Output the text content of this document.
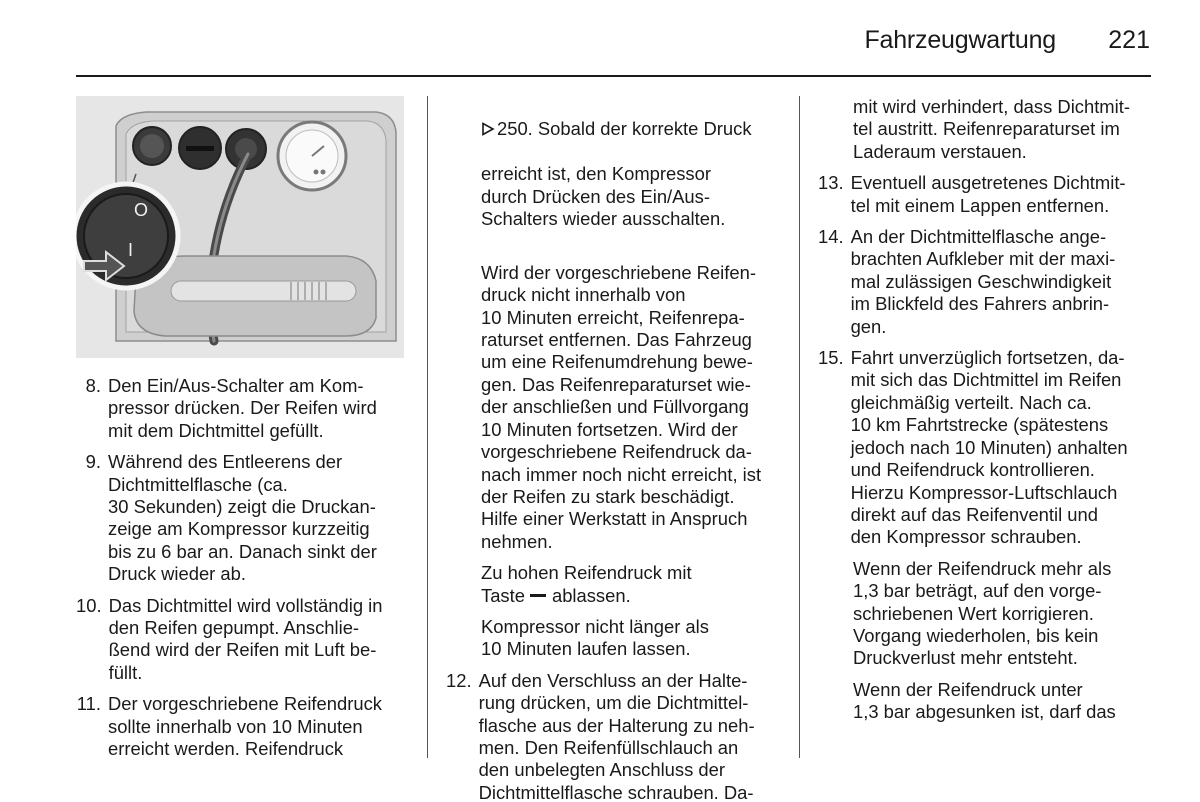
Fahrzeugwartung	221
O
I
8. Den Ein/Aus-Schalter am Kom-
pressor drücken. Der Reifen wird
mit dem Dichtmittel gefüllt.
9. Während des Entleerens der
Dichtmittelflasche (ca.
30 Sekunden) zeigt die Druckan-
zeige am Kompressor kurzzeitig
bis zu 6 bar an. Danach sinkt der
Druck wieder ab.
10. Das Dichtmittel wird vollständig in
den Reifen gepumpt. Anschlie-
ßend wird der Reifen mit Luft be-
füllt.
11. Der vorgeschriebene Reifendruck
sollte innerhalb von 10 Minuten
erreicht werden. Reifendruck

250. Sobald der korrekte Druck

erreicht ist, den Kompressor
durch Drücken des Ein/Aus-
Schalters wieder ausschalten.

Wird der vorgeschriebene Reifen-
druck nicht innerhalb von
10 Minuten erreicht, Reifenrepa-
raturset entfernen. Das Fahrzeug
um eine Reifenumdrehung bewe-
gen. Das Reifenreparaturset wie-
der anschließen und Füllvorgang
10 Minuten fortsetzen. Wird der
vorgeschriebene Reifendruck da-
nach immer noch nicht erreicht, ist
der Reifen zu stark beschädigt.
Hilfe einer Werkstatt in Anspruch
nehmen.
Zu hohen Reifendruck mit
Taste ablassen.
Kompressor nicht länger als
10 Minuten laufen lassen.
12. Auf den Verschluss an der Halte-
rung drücken, um die Dichtmittel-
flasche aus der Halterung zu neh-
men. Den Reifenfüllschlauch an
den unbelegten Anschluss der
Dichtmittelflasche schrauben. Da-
mit wird verhindert, dass Dichtmit-
tel austritt. Reifenreparaturset im
Laderaum verstauen.
13. Eventuell ausgetretenes Dichtmit-
tel mit einem Lappen entfernen.
14. An der Dichtmittelflasche ange-
brachten Aufkleber mit der maxi-
mal zulässigen Geschwindigkeit
im Blickfeld des Fahrers anbrin-
gen.
15. Fahrt unverzüglich fortsetzen, da-
mit sich das Dichtmittel im Reifen
gleichmäßig verteilt. Nach ca.
10 km Fahrtstrecke (spätestens
jedoch nach 10 Minuten) anhalten
und Reifendruck kontrollieren.
Hierzu Kompressor-Luftschlauch
direkt auf das Reifenventil und
den Kompressor schrauben.
Wenn der Reifendruck mehr als
1,3 bar beträgt, auf den vorge-
schriebenen Wert korrigieren.
Vorgang wiederholen, bis kein
Druckverlust mehr entsteht.
Wenn der Reifendruck unter
1,3 bar abgesunken ist, darf das
